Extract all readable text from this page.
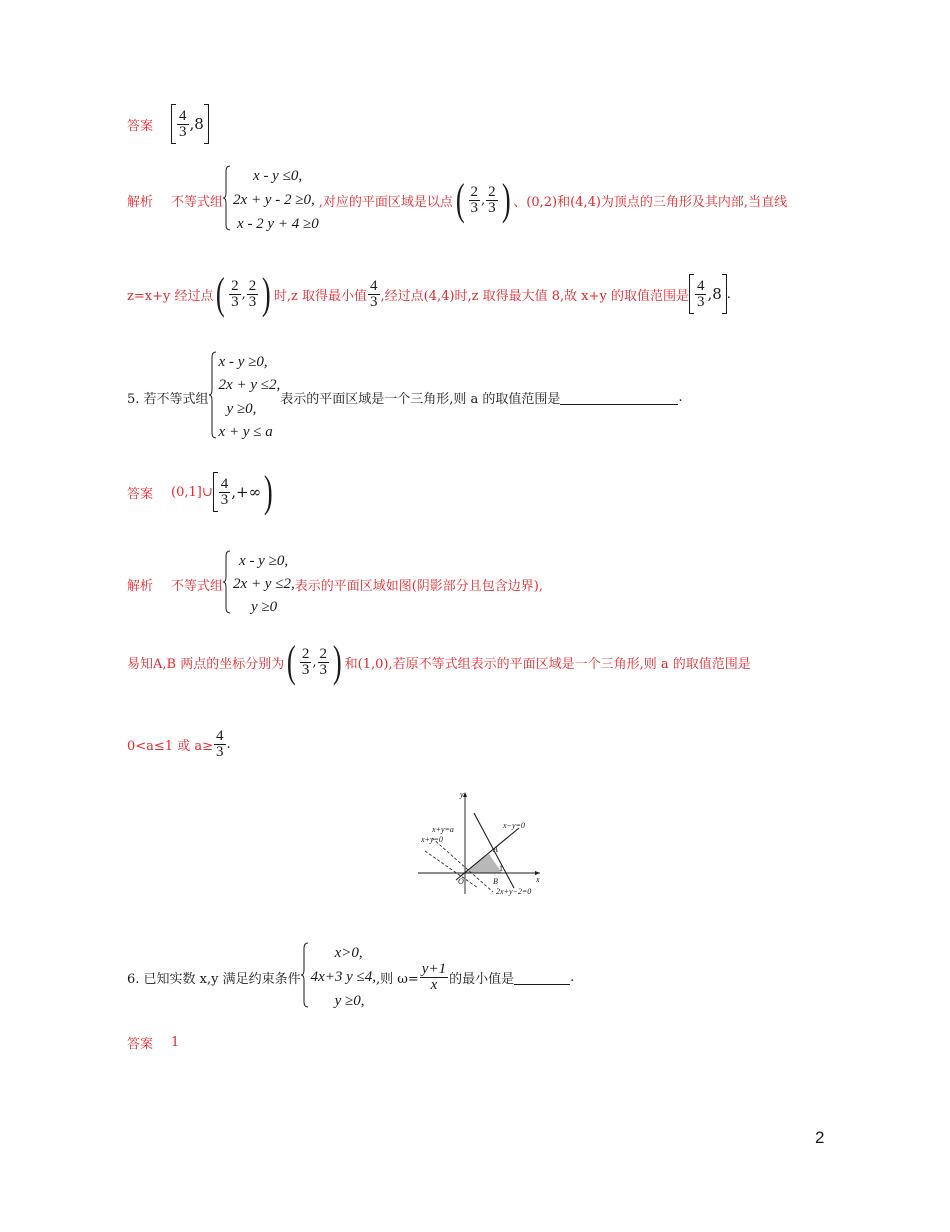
答案 $\frac{4}{3} ,8$
解析 不等式组
x - y ≤0,
2x + y - 2 ≥0,
x - 2 y + 4 ≥0
,对应的平面区域是以点 ( $\frac{2}{3}$ , $\frac{2}{3}$ ) 、(0,2)和(4,4)为顶点的三角形及其内部,当直线
z=x+y 经过点 ( $\frac{2}{3}$ , $\frac{2}{3}$ ) 时,z 取得最小值 $\frac{4}{3}$ ,经过点(4,4)时,z 取得最大值 8,故 x+y 的取值范围是 $\frac{4}{3} ,8$ .
5. 若不等式组
x - y ≥0,
2x + y ≤2,
y ≥0,
x + y ≤ a
表示的平面区域是一个三角形,则 a 的取值范围是	.
答案 (0,1]∪ $\frac{4}{3}$ ,+∞ )
解析 不等式组
x - y ≥0,
2x + y ≤2,
y ≥0
表示的平面区域如图(阴影部分且包含边界),
易知A,B 两点的坐标分别为 ( $\frac{2}{3}$ , $\frac{2}{3}$ ) 和(1,0),若原不等式组表示的平面区域是一个三角形,则 a 的取值范围是
0<a≤1 或 $a\ge \frac{4}{3}$ .
y
x
O
A
B
1
x−y=0
x+y=a
x+y=0
2x+y−2=0
6. 已知实数 x,y 满足约束条件
x>0,
4x+3 y ≤4,
y ≥0,
,则 $\omega= \frac{y+1}{x}$ 的最小值是	.
答案 1
2
